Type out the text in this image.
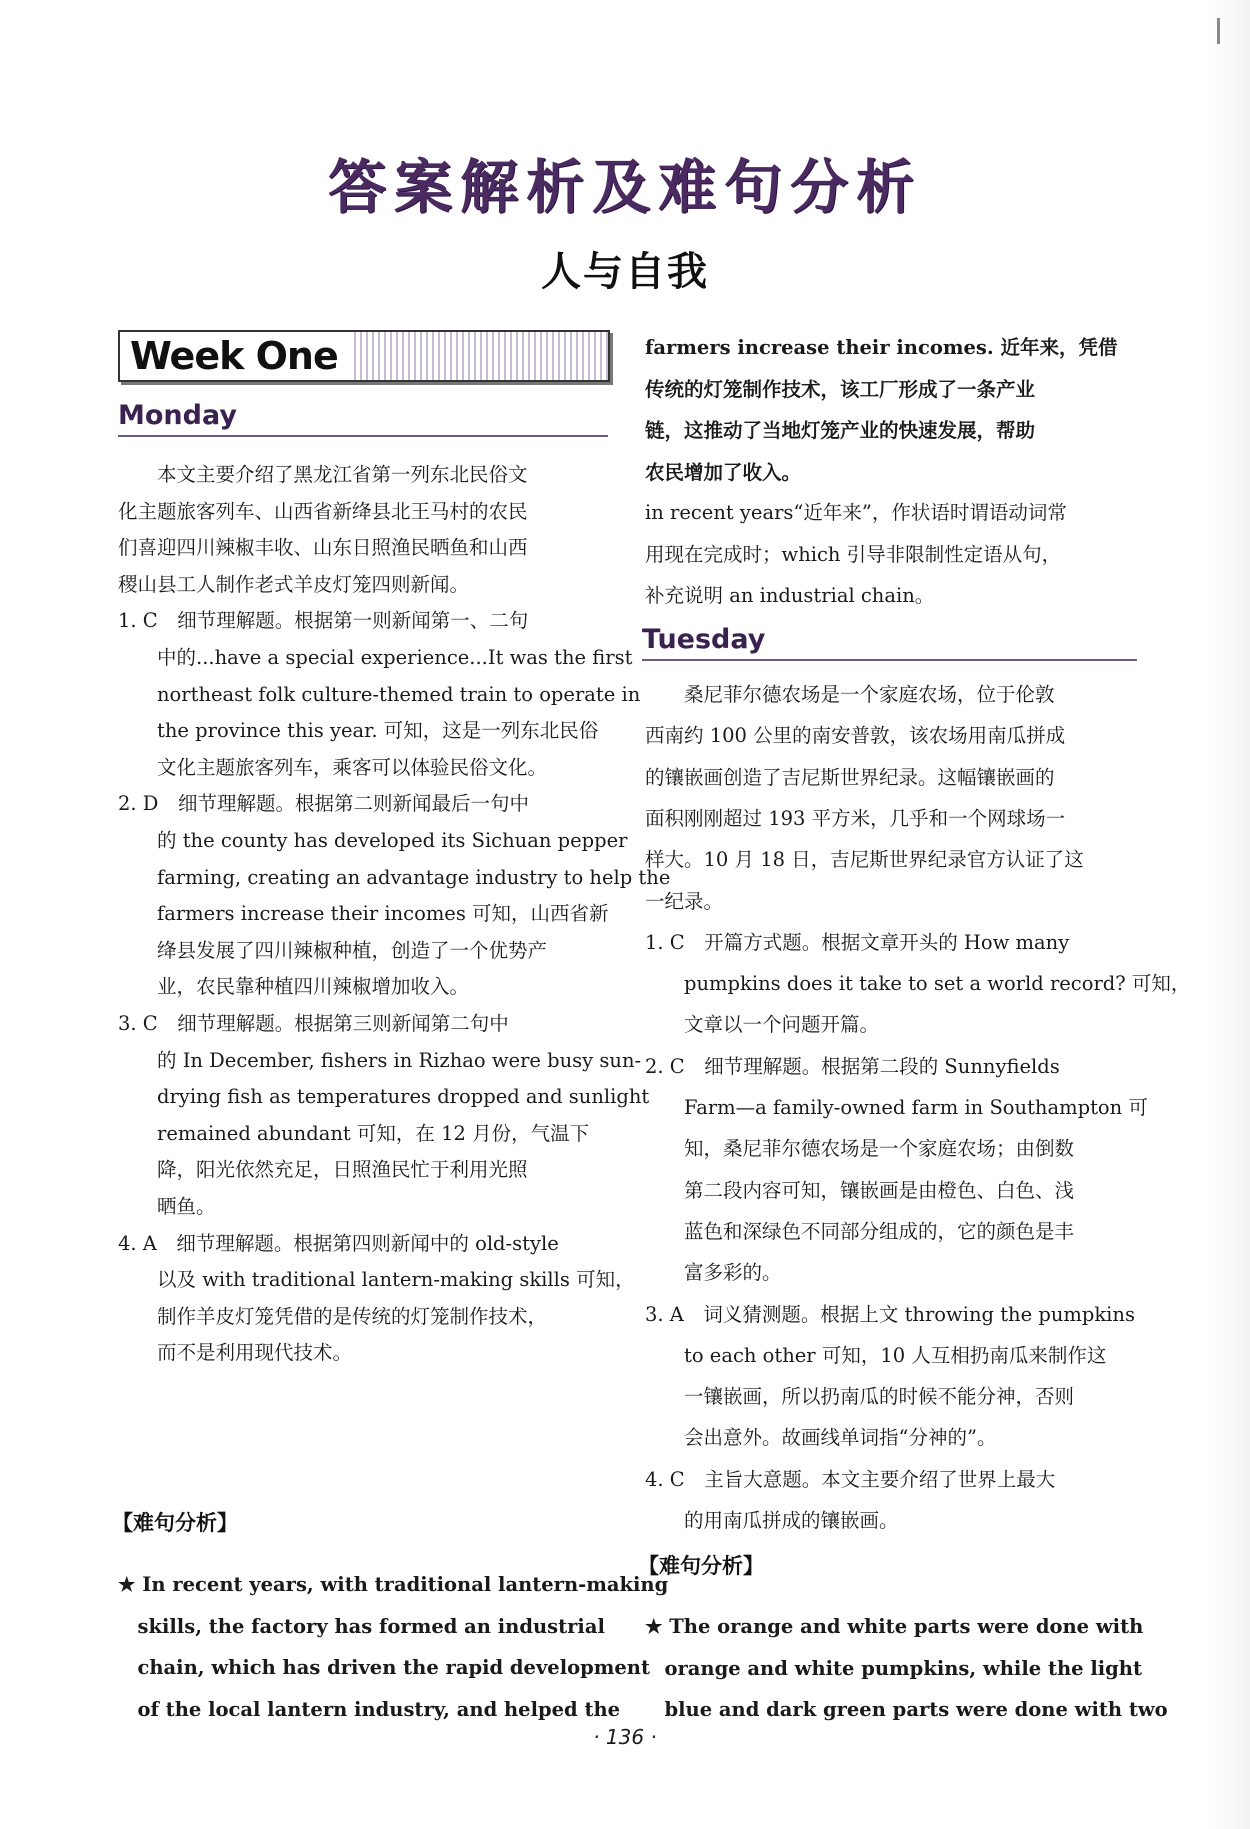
答案解析及难句分析
人与自我
Week One
Monday
　　本文主要介绍了黑龙江省第一列东北民俗文
化主题旅客列车、山西省新绛县北王马村的农民
们喜迎四川辣椒丰收、山东日照渔民晒鱼和山西
稷山县工人制作老式羊皮灯笼四则新闻。
1. C　细节理解题。根据第一则新闻第一、二句
　　中的...have a special experience...It was the first
　　northeast folk culture-themed train to operate in
　　the province this year. 可知，这是一列东北民俗
　　文化主题旅客列车，乘客可以体验民俗文化。
2. D　细节理解题。根据第二则新闻最后一句中
　　的 the county has developed its Sichuan pepper
　　farming, creating an advantage industry to help the
　　farmers increase their incomes 可知，山西省新
　　绛县发展了四川辣椒种植，创造了一个优势产
　　业，农民靠种植四川辣椒增加收入。
3. C　细节理解题。根据第三则新闻第二句中
　　的 In December, fishers in Rizhao were busy sun-
　　drying fish as temperatures dropped and sunlight
　　remained abundant 可知，在 12 月份，气温下
　　降，阳光依然充足，日照渔民忙于利用光照
　　晒鱼。
4. A　细节理解题。根据第四则新闻中的 old-style
　　以及 with traditional lantern-making skills 可知，
　　制作羊皮灯笼凭借的是传统的灯笼制作技术，
　　而不是利用现代技术。
【难句分析】
★ In recent years, with traditional lantern-making
　skills, the factory has formed an industrial
　chain, which has driven the rapid development
　of the local lantern industry, and helped the
farmers increase their incomes. 近年来，凭借
传统的灯笼制作技术，该工厂形成了一条产业
链，这推动了当地灯笼产业的快速发展，帮助
农民增加了收入。
in recent years“近年来”，作状语时谓语动词常
用现在完成时；which 引导非限制性定语从句，
补充说明 an industrial chain。
Tuesday
　　桑尼菲尔德农场是一个家庭农场，位于伦敦
西南约 100 公里的南安普敦，该农场用南瓜拼成
的镶嵌画创造了吉尼斯世界纪录。这幅镶嵌画的
面积刚刚超过 193 平方米，几乎和一个网球场一
样大。10 月 18 日，吉尼斯世界纪录官方认证了这
一纪录。
1. C　开篇方式题。根据文章开头的 How many
　　pumpkins does it take to set a world record? 可知，
　　文章以一个问题开篇。
2. C　细节理解题。根据第二段的 Sunnyfields
　　Farm—a family-owned farm in Southampton 可
　　知，桑尼菲尔德农场是一个家庭农场；由倒数
　　第二段内容可知，镶嵌画是由橙色、白色、浅
　　蓝色和深绿色不同部分组成的，它的颜色是丰
　　富多彩的。
3. A　词义猜测题。根据上文 throwing the pumpkins
　　to each other 可知，10 人互相扔南瓜来制作这
　　一镶嵌画，所以扔南瓜的时候不能分神，否则
　　会出意外。故画线单词指“分神的”。
4. C　主旨大意题。本文主要介绍了世界上最大
　　的用南瓜拼成的镶嵌画。
【难句分析】
★ The orange and white parts were done with
　orange and white pumpkins, while the light
　blue and dark green parts were done with two
· 136 ·
